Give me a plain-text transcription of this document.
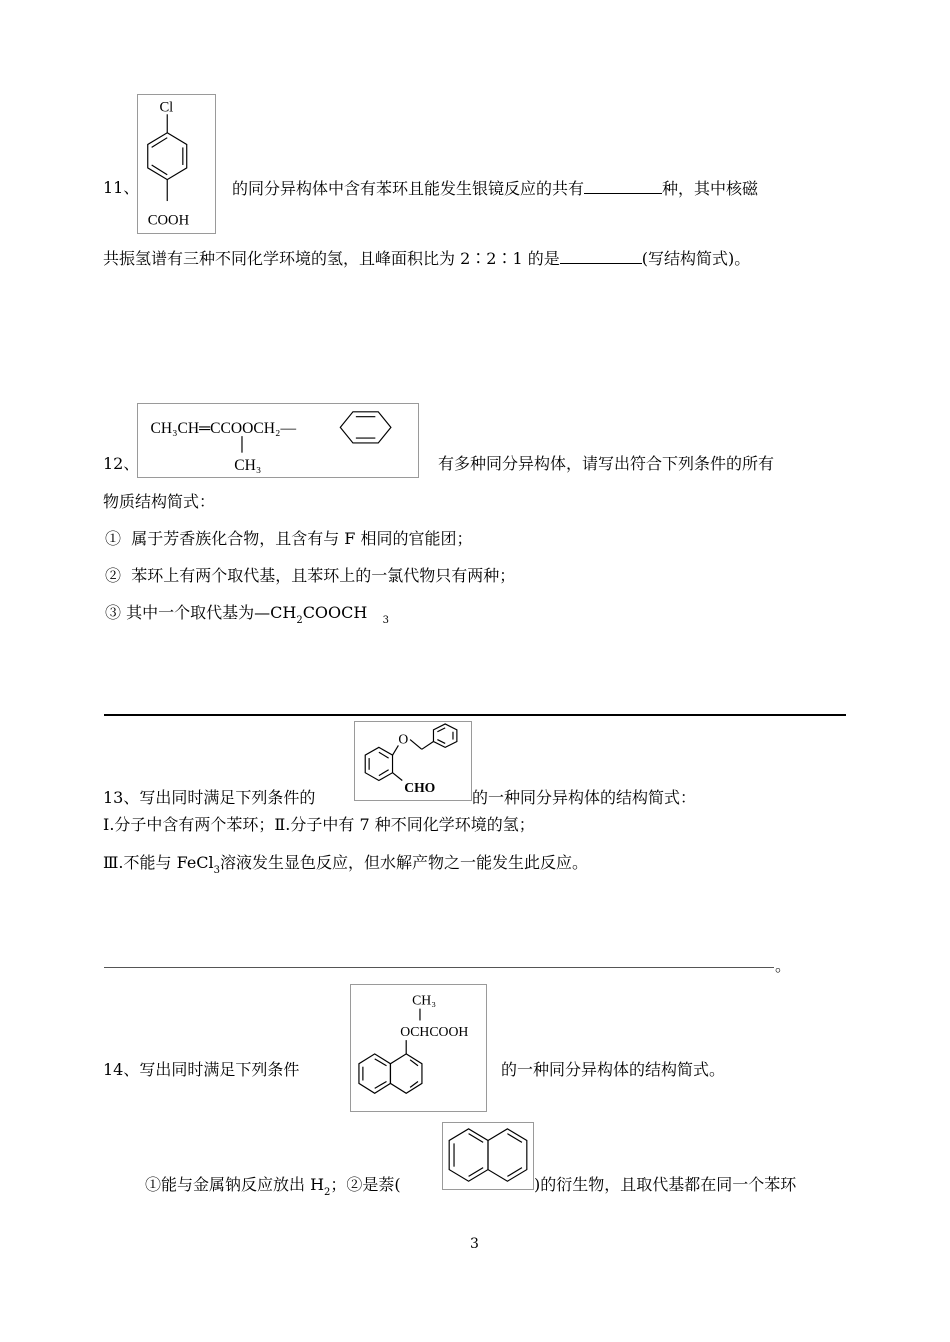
Cl
COOH
11、	的同分异构体中含有苯环且能发生银镜反应的共有	种，其中核磁
共振氢谱有三种不同化学环境的氢，且峰面积比为 2∶2∶1 的是	(写结构简式)。
CH₃CH═CCOOCH₂—
CH₃
12、	有多种同分异构体，请写出符合下列条件的所有
物质结构简式：
① 属于芳香族化合物，且含有与 F 相同的官能团；
② 苯环上有两个取代基，且苯环上的一氯代物只有两种；
③ 其中一个取代基为$—CH_2COOCH$ $_3$
O
CHO
13、写出同时满足下列条件的	的一种同分异构体的结构简式：
Ⅰ.分子中含有两个苯环；Ⅱ.分子中有 7 种不同化学环境的氢；
Ⅲ.不能与 FeCl$_3$溶液发生显色反应，但水解产物之一能发生此反应。
。
CH₃
OCHCOOH
14、写出同时满足下列条件	的一种同分异构体的结构简式。
①能与金属钠反应放出 $H_2$；②是萘(	)的衍生物，且取代基都在同一个苯环
3
